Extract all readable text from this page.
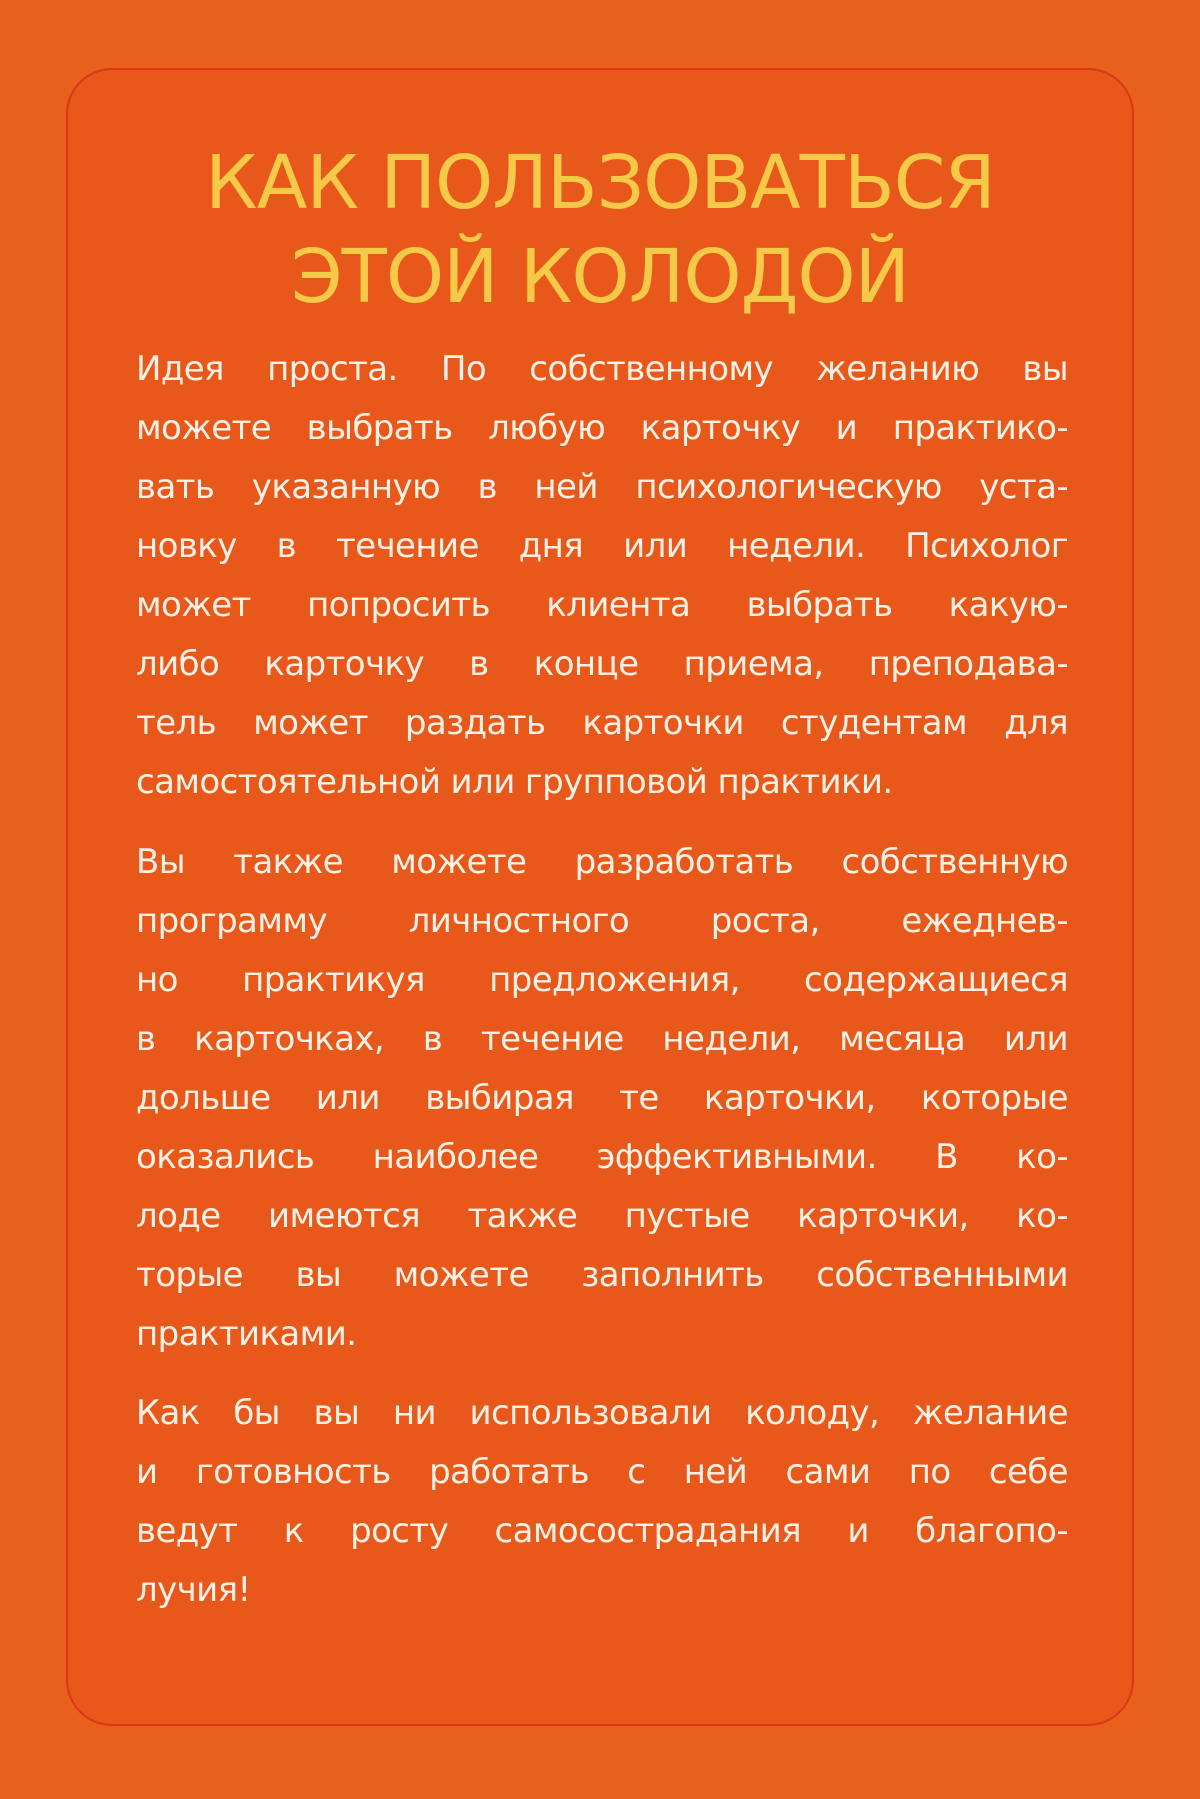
КАК ПОЛЬЗОВАТЬСЯ
ЭТОЙ КОЛОДОЙ

Идея проста. По собственному желанию вы
можете выбрать любую карточку и практико-
вать указанную в ней психологическую уста-
новку в течение дня или недели. Психолог
может попросить клиента выбрать какую-
либо карточку в конце приема, преподава-
тель может раздать карточки студентам для
самостоятельной или групповой практики.

Вы также можете разработать собственную
программу личностного роста, ежеднев-
но практикуя предложения, содержащиеся
в карточках, в течение недели, месяца или
дольше или выбирая те карточки, которые
оказались наиболее эффективными. В ко-
лоде имеются также пустые карточки, ко-
торые вы можете заполнить собственными
практиками.

Как бы вы ни использовали колоду, желание
и готовность работать с ней сами по себе
ведут к росту самосострадания и благопо-
лучия!
